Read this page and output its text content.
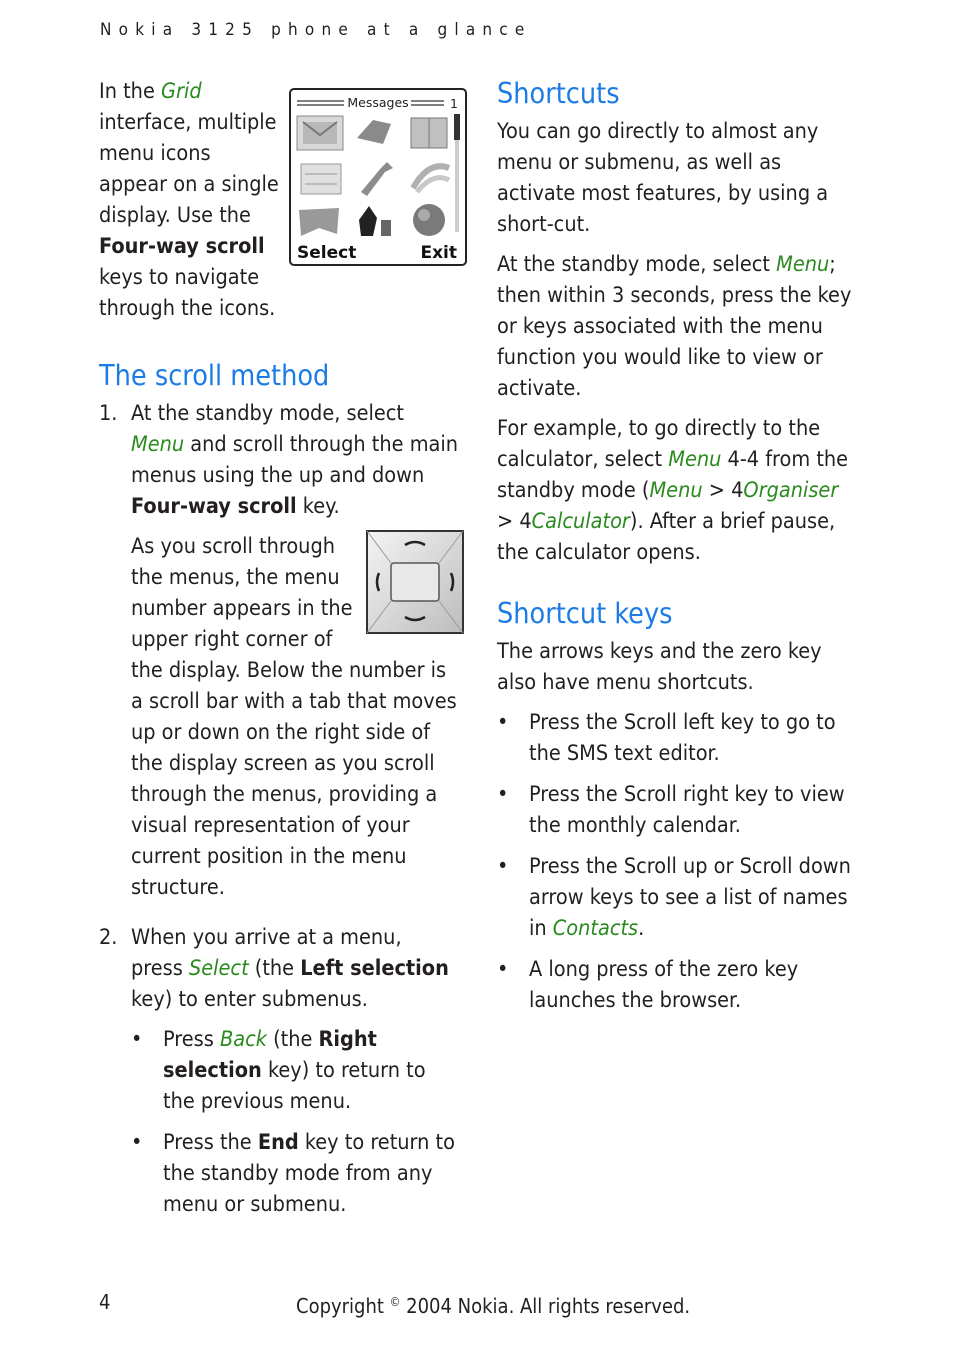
Nokia 3125 phone at a glance
Messages	1
Select	Exit

In the Grid interface, multiple menu icons appear on a single display. Use the Four-way scroll keys to navigate through the icons.

The scroll method
1. At the standby mode, select Menu and scroll through the main menus using the up and down Four-way scroll key.

As you scroll through the menus, the menu number appears in the upper right corner of the display. Below the number is a scroll bar with a tab that moves up or down on the right side of the display screen as you scroll through the menus, providing a visual representation of your current position in the menu structure.

2. When you arrive at a menu, press Select (the Left selection key) to enter submenus.

• Press Back (the Right selection key) to return to the previous menu.
• Press the End key to return to the standby mode from any menu or submenu.
Shortcuts

You can go directly to almost any menu or submenu, as well as activate most features, by using a short-cut.

At the standby mode, select Menu; then within 3 seconds, press the key or keys associated with the menu function you would like to view or activate.

For example, to go directly to the calculator, select Menu 4-4 from the standby mode (Menu > 4Organiser > 4Calculator). After a brief pause, the calculator opens.

Shortcut keys

The arrows keys and the zero key also have menu shortcuts.

• Press the Scroll left key to go to the SMS text editor.
• Press the Scroll right key to view the monthly calendar.
• Press the Scroll up or Scroll down arrow keys to see a list of names in Contacts.
• A long press of the zero key launches the browser.
4	Copyright © 2004 Nokia. All rights reserved.
